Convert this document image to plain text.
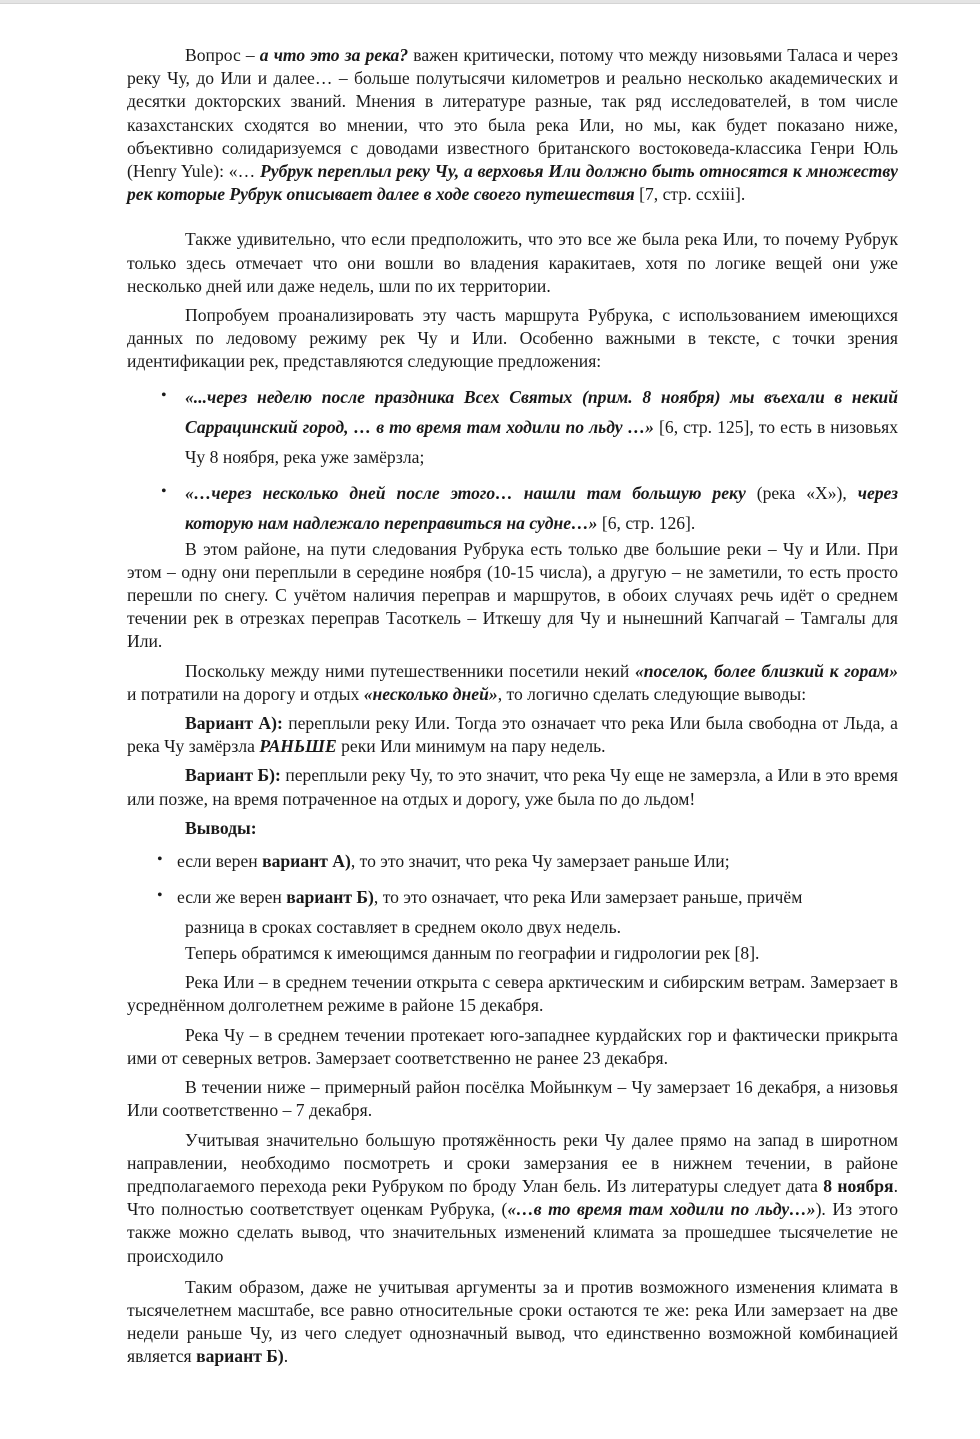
Вопрос – а что это за река? важен критически, потому что между низовьями Таласа и через реку Чу, до Или и далее… – больше полутысячи километров и реально несколько академических и десятки докторских званий. Мнения в литературе разные, так ряд исследователей, в том числе казахстанских сходятся во мнении, что это была река Или, но мы, как будет показано ниже, объективно солидаризуемся с доводами известного британского востоковеда-классика Генри Юль (Henry Yule): «… Рубрук переплыл реку Чу, а верховья Или должно быть относятся к множеству рек которые Рубрук описывает далее в ходе своего путешествия [7, стр. ccxiii].

Также удивительно, что если предположить, что это все же была река Или, то почему Рубрук только здесь отмечает что они вошли во владения каракитаев, хотя по логике вещей они уже несколько дней или даже недель, шли по их территории.

Попробуем проанализировать эту часть маршрута Рубрука, с использованием имеющихся данных по ледовому режиму рек Чу и Или. Особенно важными в тексте, с точки зрения идентификации рек, представляются следующие предложения:

• «...через неделю после праздника Всех Святых (прим. 8 ноября) мы въехали в некий Саррацинский город, … в то время там ходили по льду …» [6, стр. 125], то есть в низовьях Чу 8 ноября, река уже замёрзла;
• «…через несколько дней после этого… нашли там большую реку (река «Х»), через которую нам надлежало переправиться на судне…» [6, стр. 126].

В этом районе, на пути следования Рубрука есть только две большие реки – Чу и Или. При этом – одну они переплыли в середине ноября (10-15 числа), а другую – не заметили, то есть просто перешли по снегу. С учётом наличия переправ и маршрутов, в обоих случаях речь идёт о среднем течении рек в отрезках переправ Тасоткель – Иткешу для Чу и нынешний Капчагай – Тамгалы для Или.

Поскольку между ними путешественники посетили некий «поселок, более близкий к горам» и потратили на дорогу и отдых «несколько дней», то логично сделать следующие выводы:

Вариант А): переплыли реку Или. Тогда это означает что река Или была свободна от Льда, а река Чу замёрзла РАНЬШЕ реки Или минимум на пару недель.

Вариант Б): переплыли реку Чу, то это значит, что река Чу еще не замерзла, а Или в это время или позже, на время потраченное на отдых и дорогу, уже была по до льдом!

Выводы:

• если верен вариант А), то это значит, что река Чу замерзает раньше Или;
• если же верен вариант Б), то это означает, что река Или замерзает раньше, причём
разница в сроках составляет в среднем около двух недель.

Теперь обратимся к имеющимся данным по географии и гидрологии рек [8].

Река Или – в среднем течении открыта с севера арктическим и сибирским ветрам. Замерзает в усреднённом долголетнем режиме в районе 15 декабря.

Река Чу – в среднем течении протекает юго-западнее курдайских гор и фактически прикрыта ими от северных ветров. Замерзает соответственно не ранее 23 декабря.

В течении ниже – примерный район посёлка Мойынкум – Чу замерзает 16 декабря, а низовья Или соответственно – 7 декабря.

Учитывая значительно большую протяжённость реки Чу далее прямо на запад в широтном направлении, необходимо посмотреть и сроки замерзания ее в нижнем течении, в районе предполагаемого перехода реки Рубруком по броду Улан бель. Из литературы следует дата 8 ноября. Что полностью соответствует оценкам Рубрука, («…в то время там ходили по льду…»). Из этого также можно сделать вывод, что значительных изменений климата за прошедшее тысячелетие не происходило

Таким образом, даже не учитывая аргументы за и против возможного изменения климата в тысячелетнем масштабе, все равно относительные сроки остаются те же: река Или замерзает на две недели раньше Чу, из чего следует однозначный вывод, что единственно возможной комбинацией является вариант Б).
